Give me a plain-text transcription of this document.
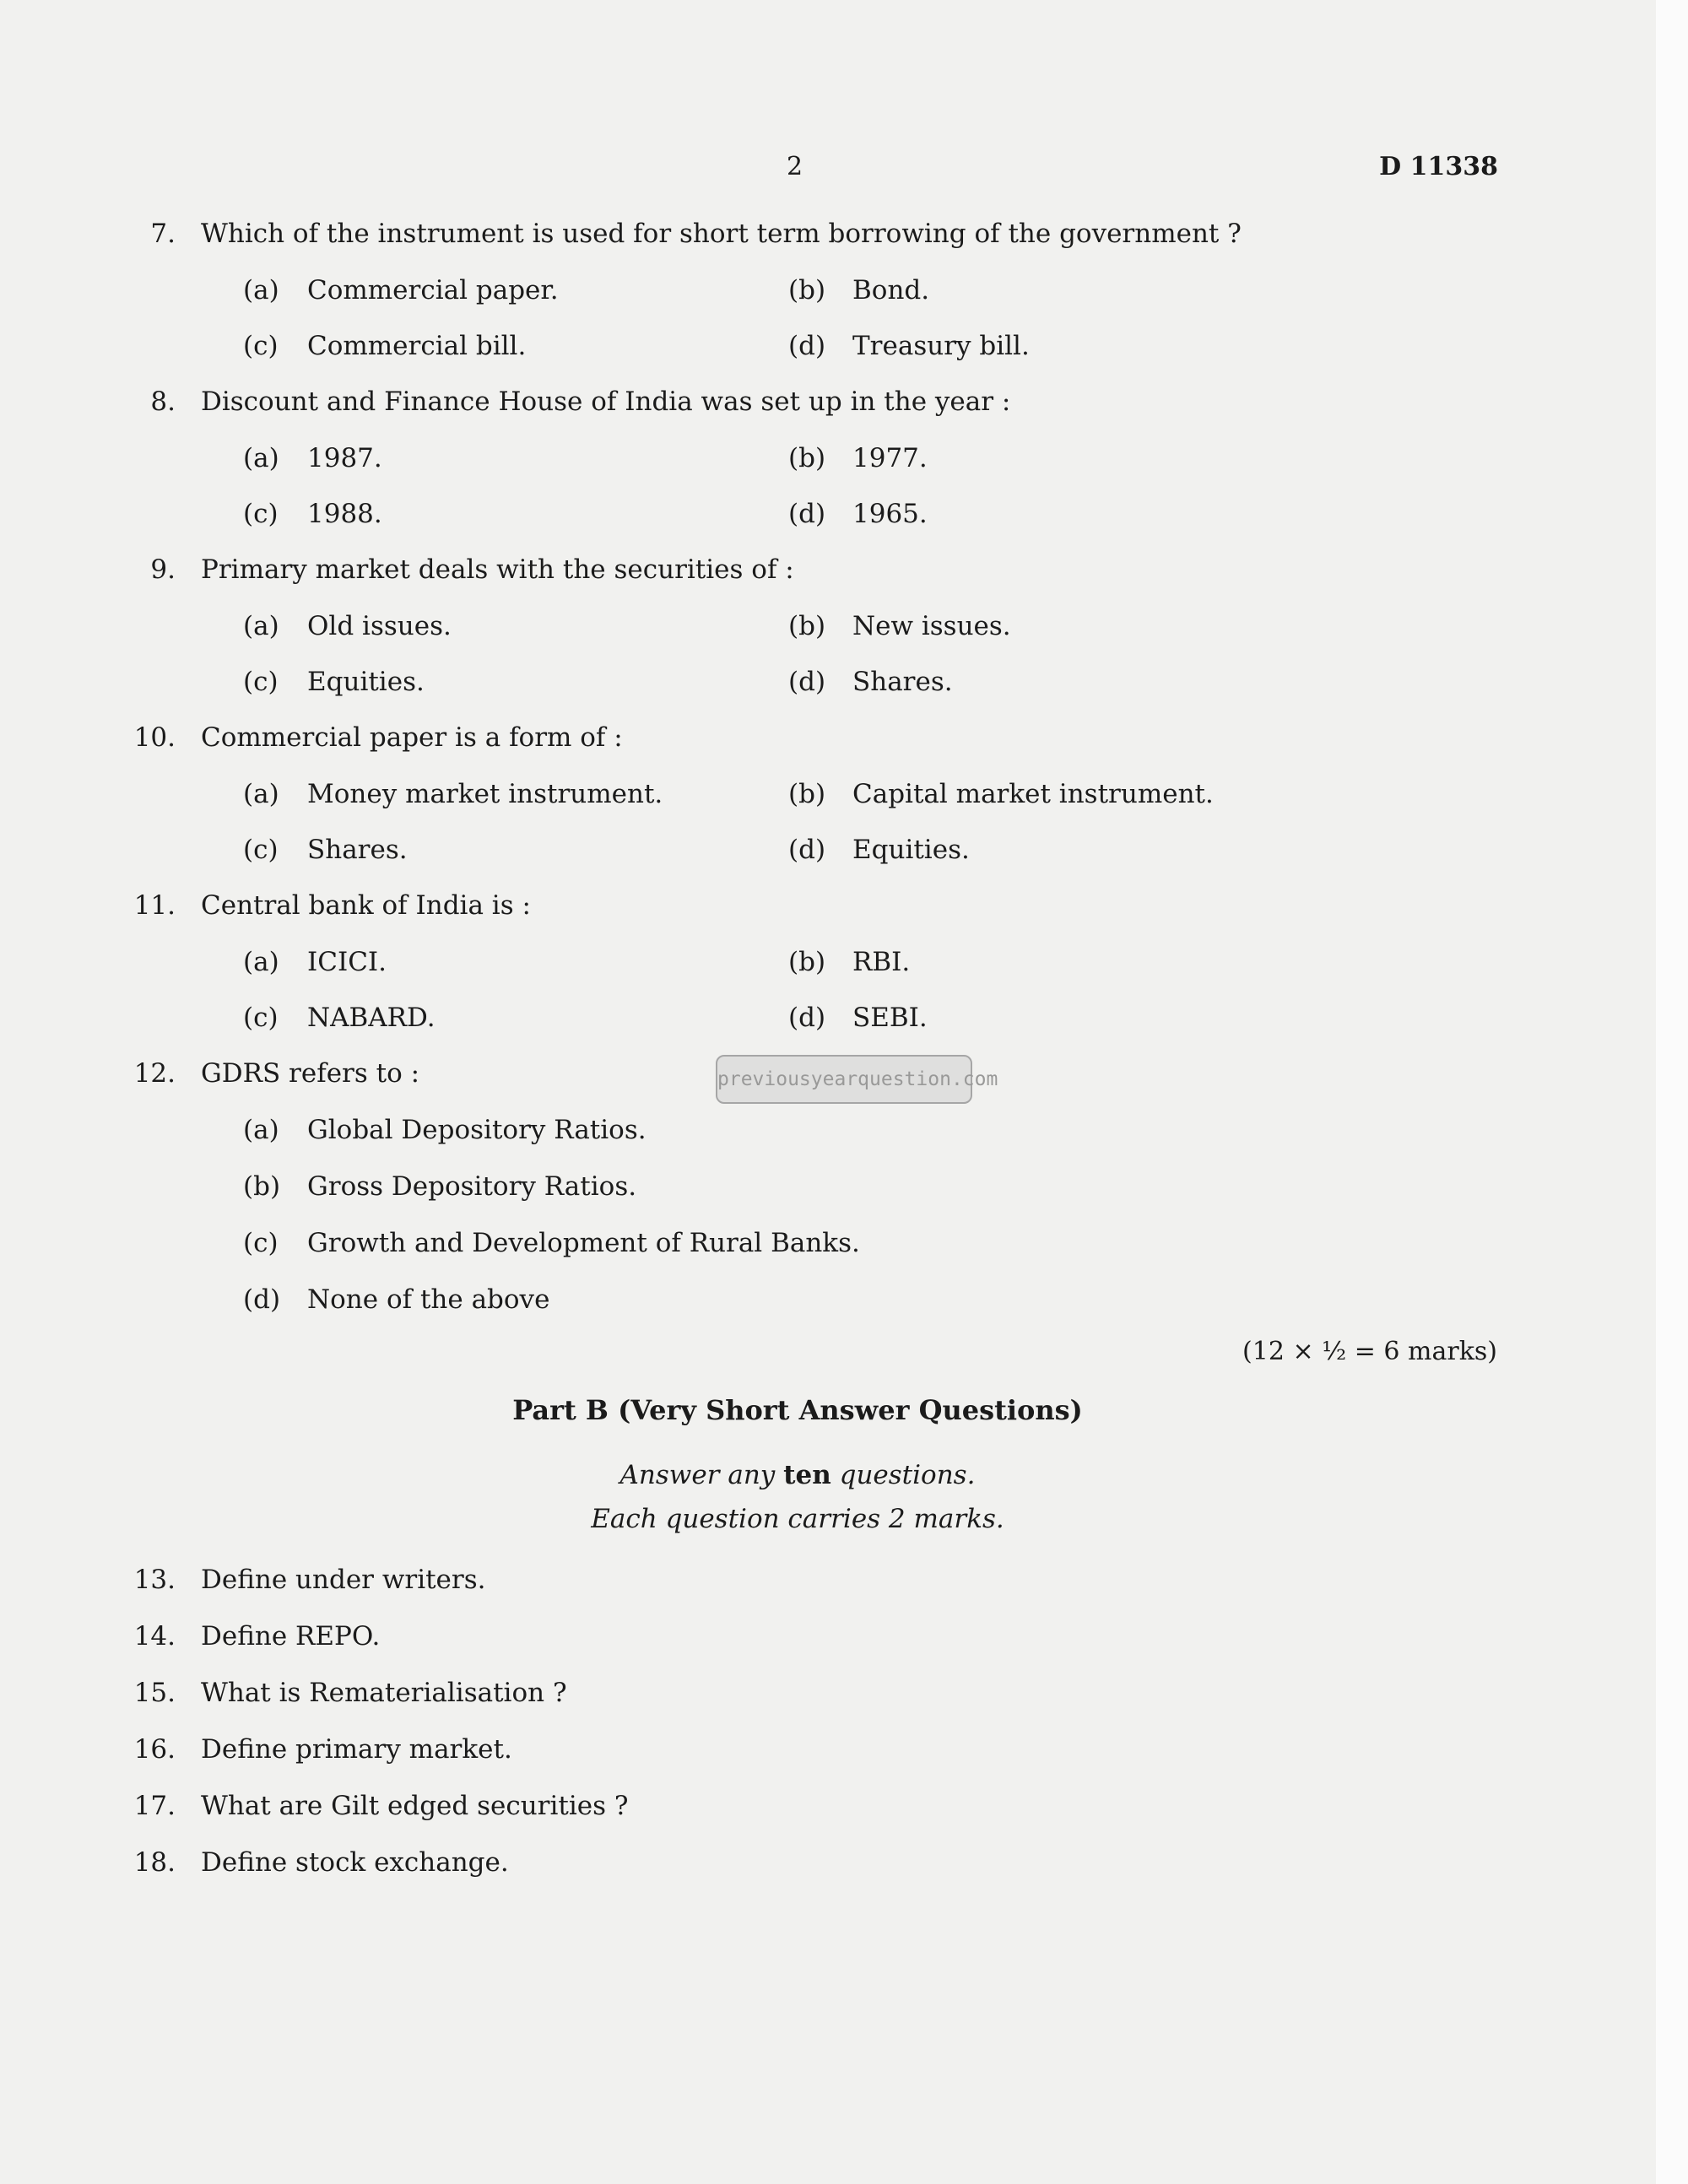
2	D 11338
7. Which of the instrument is used for short term borrowing of the government ?
(a) Commercial paper.	(b) Bond.
(c) Commercial bill.	(d) Treasury bill.
8. Discount and Finance House of India was set up in the year :
(a) 1987.	(b) 1977.
(c) 1988.	(d) 1965.
9. Primary market deals with the securities of :
(a) Old issues.	(b) New issues.
(c) Equities.	(d) Shares.
10. Commercial paper is a form of :
(a) Money market instrument.	(b) Capital market instrument.
(c) Shares.	(d) Equities.
11. Central bank of India is :
(a) ICICI.	(b) RBI.
(c) NABARD.	(d) SEBI.
12. GDRS refers to :
(a) Global Depository Ratios.
(b) Gross Depository Ratios.
(c) Growth and Development of Rural Banks.
(d) None of the above
previousyearquestion.com
(12 × ½ = 6 marks)
Part B (Very Short Answer Questions)
Answer any ten questions.
Each question carries 2 marks.
13. Define under writers.
14. Define REPO.
15. What is Rematerialisation ?
16. Define primary market.
17. What are Gilt edged securities ?
18. Define stock exchange.
